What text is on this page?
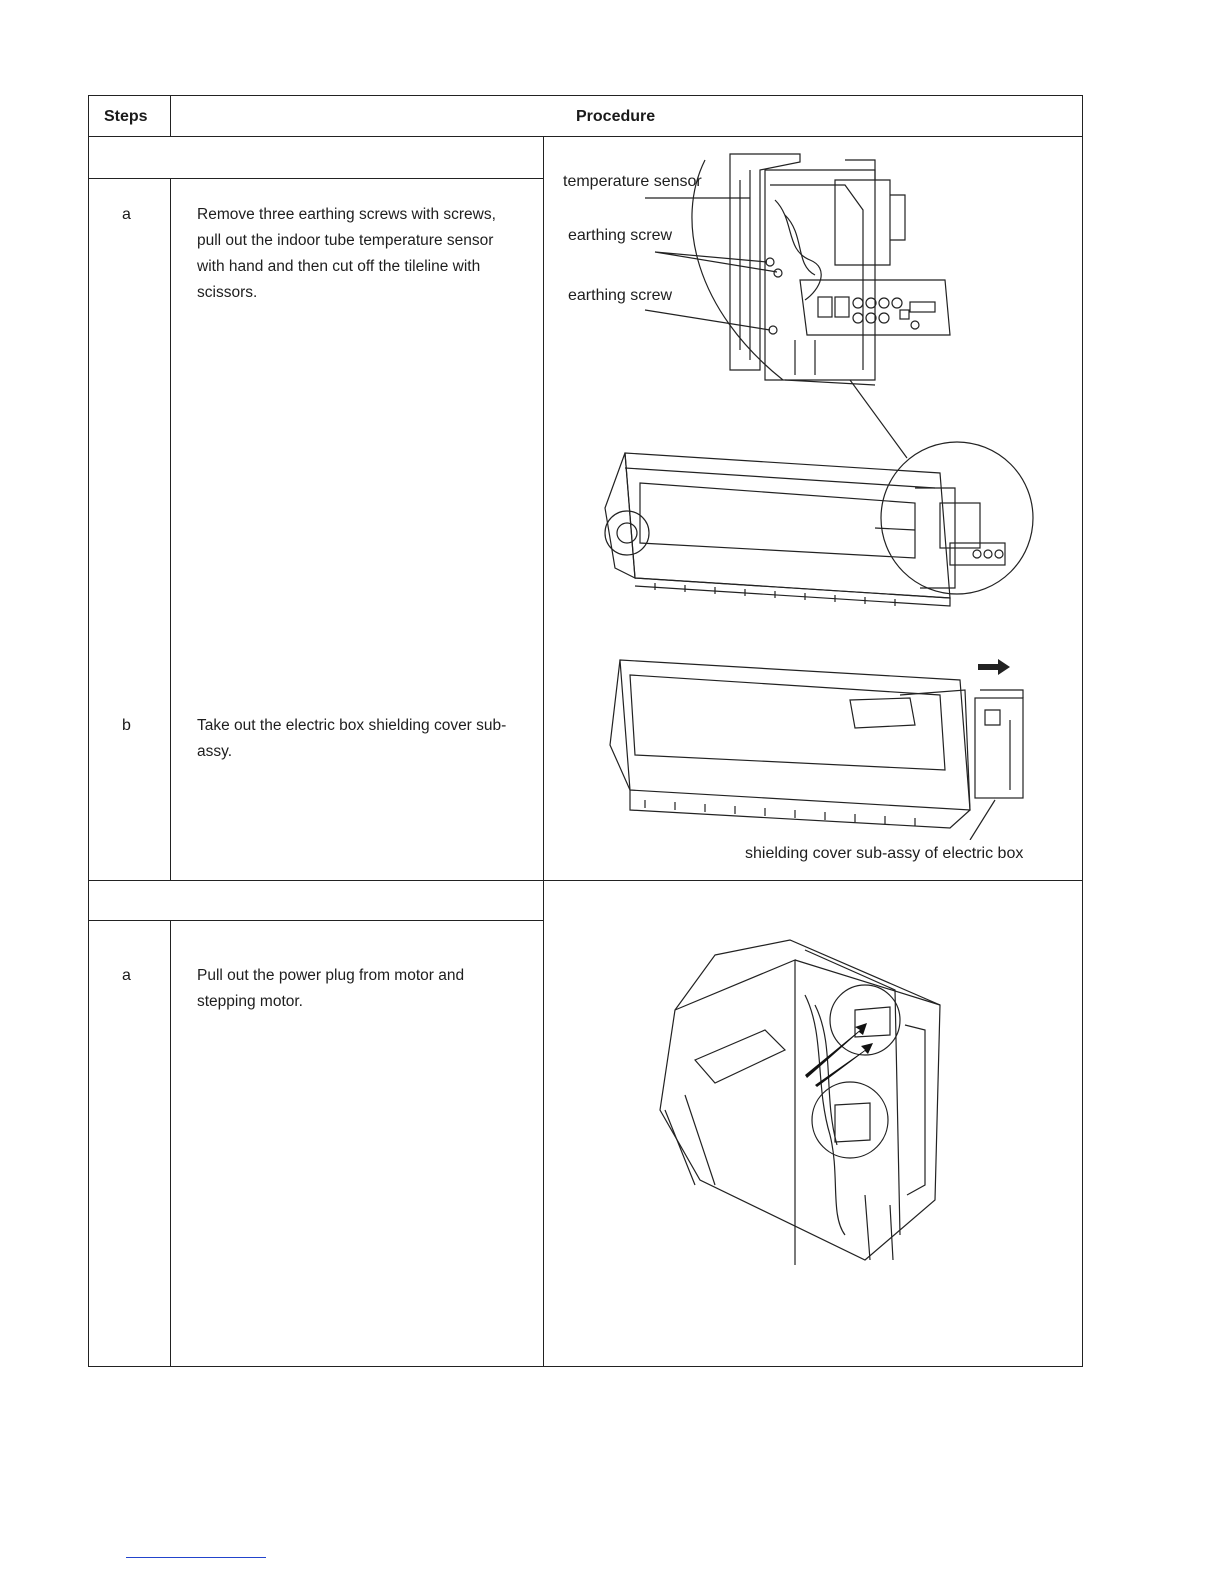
Steps	Procedure
a	Remove three earthing screws with screws,
pull out the indoor tube temperature sensor
with hand and then cut off the tileline with
scissors.
b	Take out the electric box shielding cover sub-
assy.
a	Pull out the power plug from motor and
stepping motor.
temperature sensor
earthing screw
earthing screw
shielding cover sub-assy of electric box
